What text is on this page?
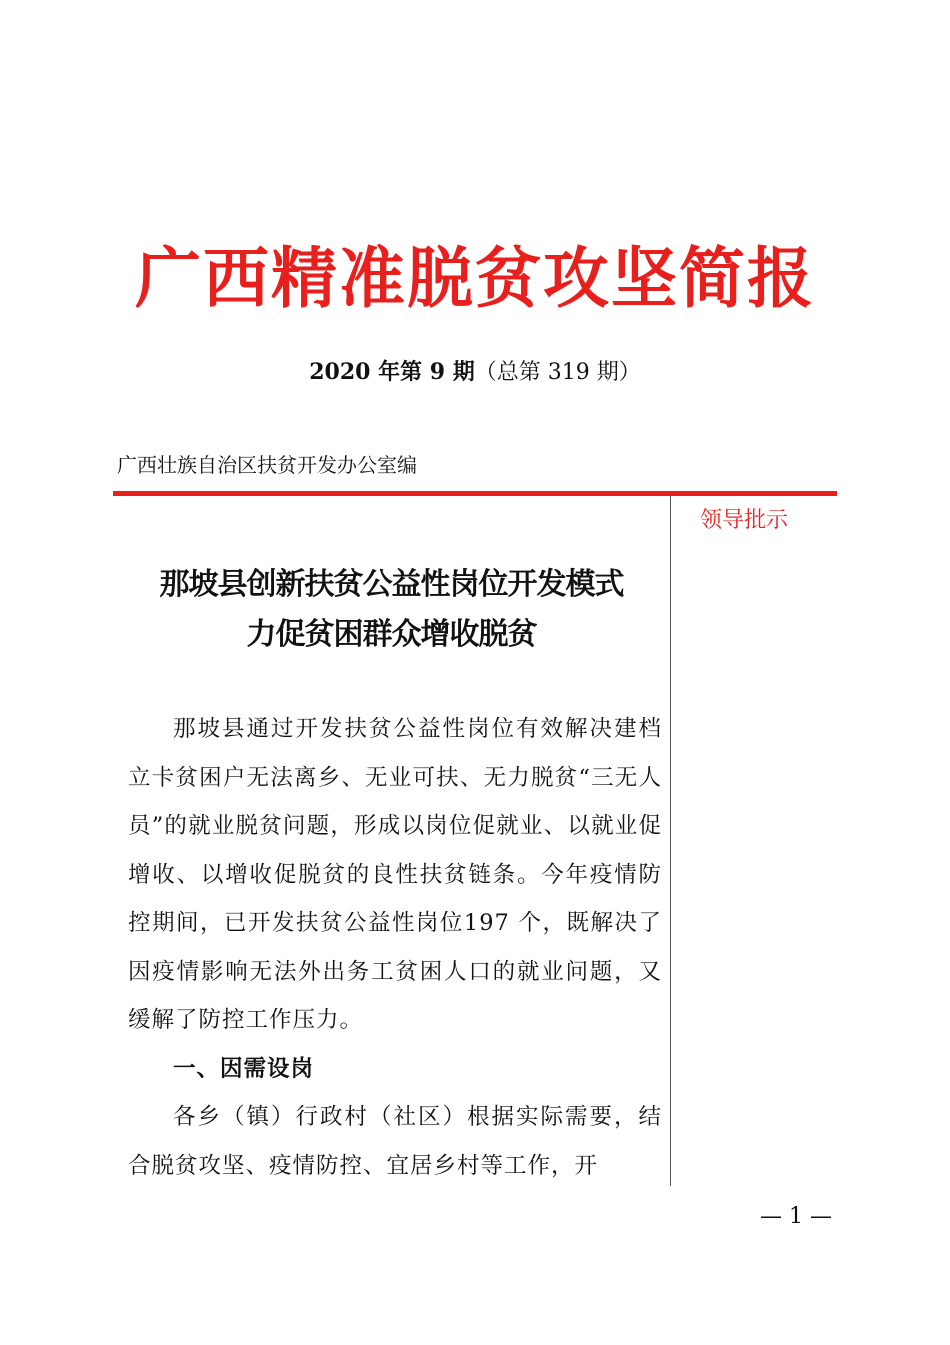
广西精准脱贫攻坚简报
2020 年第 9 期（总第 319 期）
广西壮族自治区扶贫开发办公室编
领导批示
那坡县创新扶贫公益性岗位开发模式
力促贫困群众增收脱贫

那坡县通过开发扶贫公益性岗位有效解决建档立卡贫困户无法离乡、无业可扶、无力脱贫“三无人员”的就业脱贫问题，形成以岗位促就业、以就业促增收、以增收促脱贫的良性扶贫链条。今年疫情防控期间，已开发扶贫公益性岗位197 个，既解决了因疫情影响无法外出务工贫困人口的就业问题，又缓解了防控工作压力。

一、因需设岗

各乡（镇）行政村（社区）根据实际需要，结合脱贫攻坚、疫情防控、宜居乡村等工作，开

— 1 —
